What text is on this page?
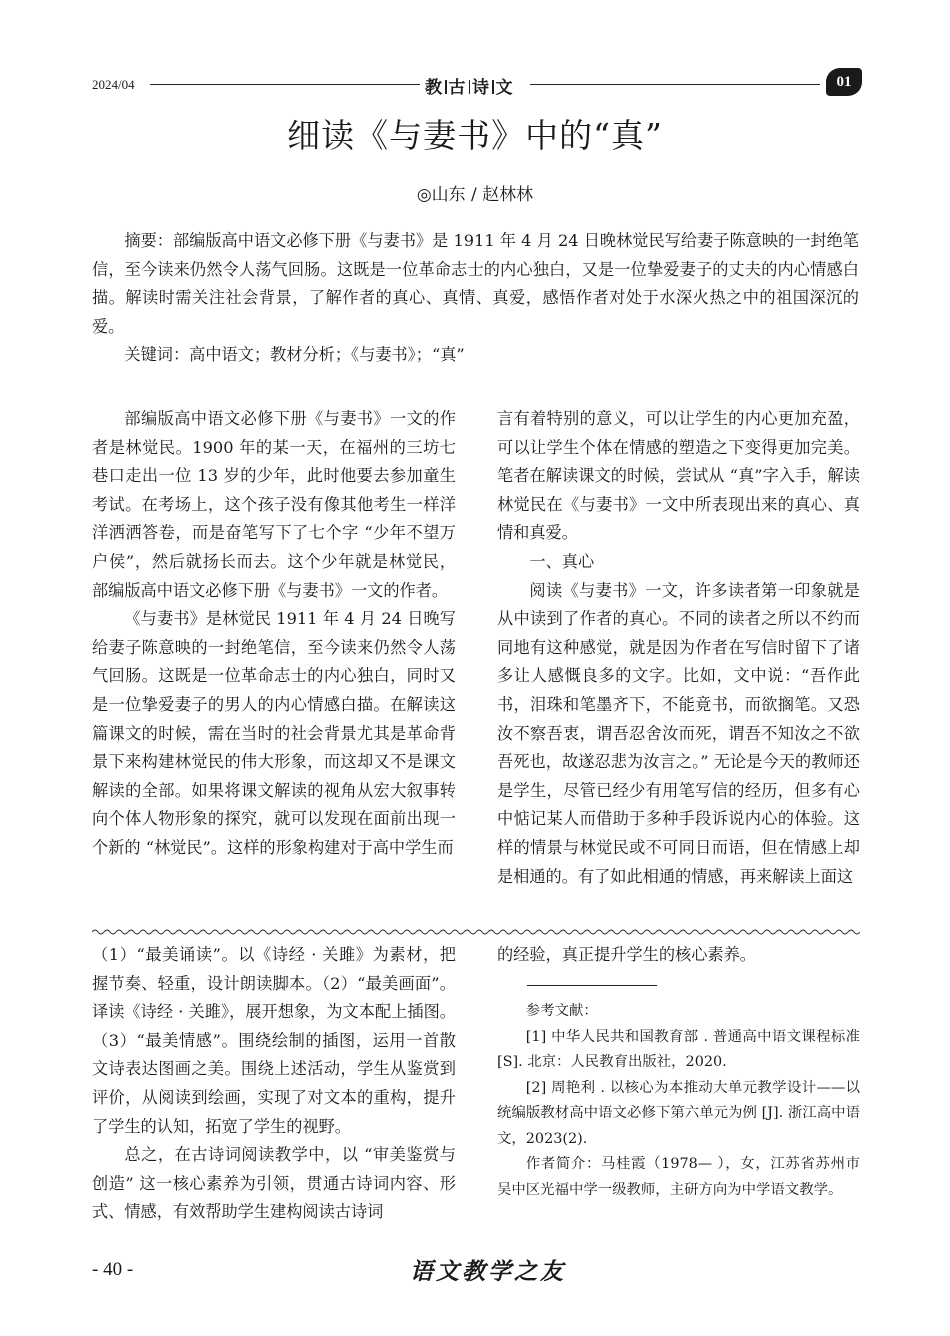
2024/04	教 古 诗 文	01
细读《与妻书》中的“真”
◎山东 / 赵林林
摘要：部编版高中语文必修下册《与妻书》是 1911 年 4 月 24 日晚林觉民写给妻子陈意映的一封绝笔信，至今读来仍然令人荡气回肠。这既是一位革命志士的内心独白，又是一位挚爱妻子的丈夫的内心情感白描。解读时需关注社会背景，了解作者的真心、真情、真爱，感悟作者对处于水深火热之中的祖国深沉的爱。
关键词：高中语文；教材分析；《与妻书》；“真”

部编版高中语文必修下册《与妻书》一文的作者是林觉民。1900 年的某一天，在福州的三坊七巷口走出一位 13 岁的少年，此时他要去参加童生考试。在考场上，这个孩子没有像其他考生一样洋洋洒洒答卷，而是奋笔写下了七个字 “少年不望万户侯”，然后就扬长而去。这个少年就是林觉民，部编版高中语文必修下册《与妻书》一文的作者。

《与妻书》是林觉民 1911 年 4 月 24 日晚写给妻子陈意映的一封绝笔信，至今读来仍然令人荡气回肠。这既是一位革命志士的内心独白，同时又是一位挚爱妻子的男人的内心情感白描。在解读这篇课文的时候，需在当时的社会背景尤其是革命背景下来构建林觉民的伟大形象，而这却又不是课文解读的全部。如果将课文解读的视角从宏大叙事转向个体人物形象的探究，就可以发现在面前出现一个新的 “林觉民”。这样的形象构建对于高中学生而

言有着特别的意义，可以让学生的内心更加充盈，可以让学生个体在情感的塑造之下变得更加完美。笔者在解读课文的时候，尝试从 “真”字入手，解读林觉民在《与妻书》一文中所表现出来的真心、真情和真爱。

一、真心

阅读《与妻书》一文，许多读者第一印象就是从中读到了作者的真心。不同的读者之所以不约而同地有这种感觉，就是因为作者在写信时留下了诸多让人感慨良多的文字。比如，文中说：“吾作此书，泪珠和笔墨齐下，不能竟书，而欲搁笔。又恐汝不察吾衷，谓吾忍舍汝而死，谓吾不知汝之不欲吾死也，故遂忍悲为汝言之。” 无论是今天的教师还是学生，尽管已经少有用笔写信的经历，但多有心中惦记某人而借助于多种手段诉说内心的体验。这样的情景与林觉民或不可同日而语，但在情感上却是相通的。有了如此相通的情感，再来解读上面这

（1）“最美诵读”。以《诗经 · 关雎》为素材，把握节奏、轻重，设计朗读脚本。（2）“最美画面”。译读《诗经 · 关雎》，展开想象，为文本配上插图。（3）“最美情感”。围绕绘制的插图，运用一首散文诗表达图画之美。围绕上述活动，学生从鉴赏到评价，从阅读到绘画，实现了对文本的重构，提升了学生的认知，拓宽了学生的视野。

总之，在古诗词阅读教学中，以 “审美鉴赏与创造” 这一核心素养为引领，贯通古诗词内容、形式、情感，有效帮助学生建构阅读古诗词

的经验，真正提升学生的核心素养。

参考文献：

[1] 中华人民共和国教育部 . 普通高中语文课程标准 [S]. 北京：人民教育出版社，2020.

[2] 周艳利 . 以核心为本推动大单元教学设计——以统编版教材高中语文必修下第六单元为例 [J]. 浙江高中语文，2023(2).

作者简介：马桂霞（1978— ），女，江苏省苏州市吴中区光福中学一级教师，主研方向为中学语文教学。

- 40 -	语文教学之友
